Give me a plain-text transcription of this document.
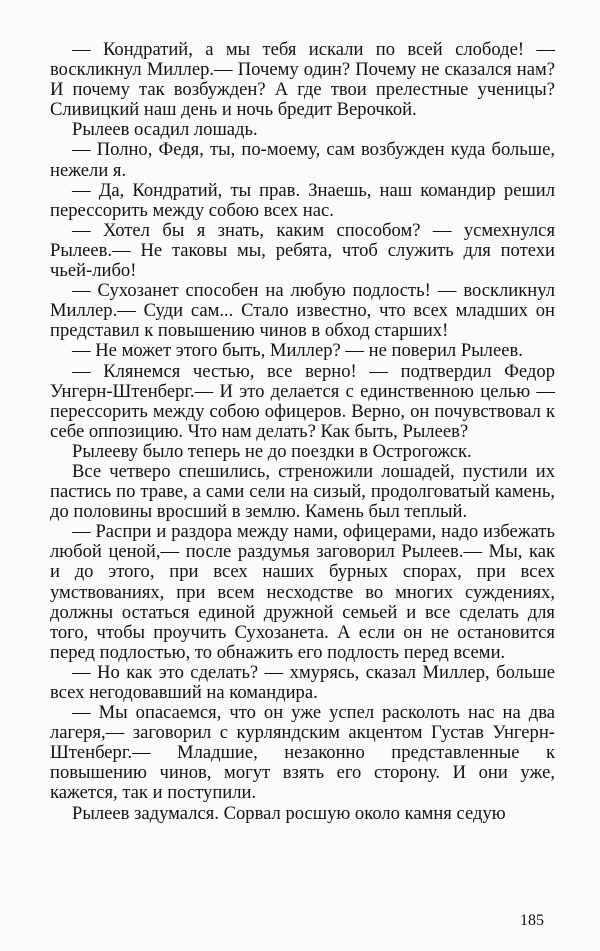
— Кондратий, а мы тебя искали по всей слободе! — воскликнул Миллер.— Почему один? Почему не сказался нам? И почему так возбужден? А где твои прелестные ученицы? Сливицкий наш день и ночь бредит Верочкой.

Рылеев осадил лошадь.

— Полно, Федя, ты, по-моему, сам возбужден куда больше, нежели я.

— Да, Кондратий, ты прав. Знаешь, наш командир решил перессорить между собою всех нас.

— Хотел бы я знать, каким способом? — усмехнулся Рылеев.— Не таковы мы, ребята, чтоб служить для потехи чьей-либо!

— Сухозанет способен на любую подлость! — воскликнул Миллер.— Суди сам... Стало известно, что всех младших он представил к повышению чинов в обход старших!

— Не может этого быть, Миллер? — не поверил Рылеев.

— Клянемся честью, все верно! — подтвердил Федор Унгерн-Штенберг.— И это делается с единственною целью — перессорить между собою офицеров. Верно, он почувствовал к себе оппозицию. Что нам делать? Как быть, Рылеев?

Рылееву было теперь не до поездки в Острогожск.

Все четверо спешились, стреножили лошадей, пустили их пастись по траве, а сами сели на сизый, продолговатый камень, до половины вросший в землю. Камень был теплый.

— Распри и раздора между нами, офицерами, надо избежать любой ценой,— после раздумья заговорил Рылеев.— Мы, как и до этого, при всех наших бурных спорах, при всех умствованиях, при всем несходстве во многих суждениях, должны остаться единой дружной семьей и все сделать для того, чтобы проучить Сухозанета. А если он не остановится перед подлостью, то обнажить его подлость перед всеми.

— Но как это сделать? — хмурясь, сказал Миллер, больше всех негодовавший на командира.

— Мы опасаемся, что он уже успел расколоть нас на два лагеря,— заговорил с курляндским акцентом Густав Унгерн-Штенберг.— Младшие, незаконно представленные к повышению чинов, могут взять его сторону. И они уже, кажется, так и поступили.

Рылеев задумался. Сорвал росшую около камня седую

185
